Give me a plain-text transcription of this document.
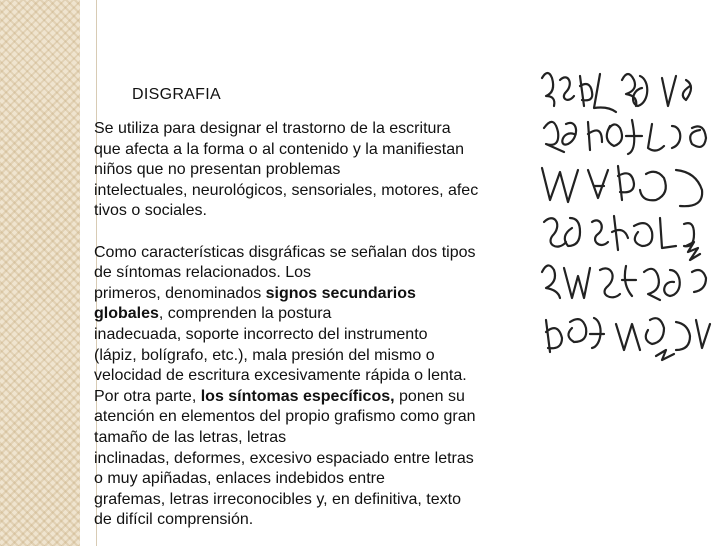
DISGRAFIA
Se utiliza para designar el trastorno de la escritura
que afecta a la forma o al contenido y la manifiestan
niños que no presentan problemas
intelectuales, neurológicos, sensoriales, motores, afec
tivos o sociales.
Como características disgráficas se señalan dos tipos
de síntomas relacionados. Los
primeros, denominados signos secundarios
globales, comprenden la postura
inadecuada, soporte incorrecto del instrumento
(lápiz, bolígrafo, etc.), mala presión del mismo o
velocidad de escritura excesivamente rápida o lenta.
Por otra parte, los síntomas específicos, ponen su
atención en elementos del propio grafismo como gran
tamaño de las letras, letras
inclinadas, deformes, excesivo espaciado entre letras
o muy apiñadas, enlaces indebidos entre
grafemas, letras irreconocibles y, en definitiva, texto
de difícil comprensión.
